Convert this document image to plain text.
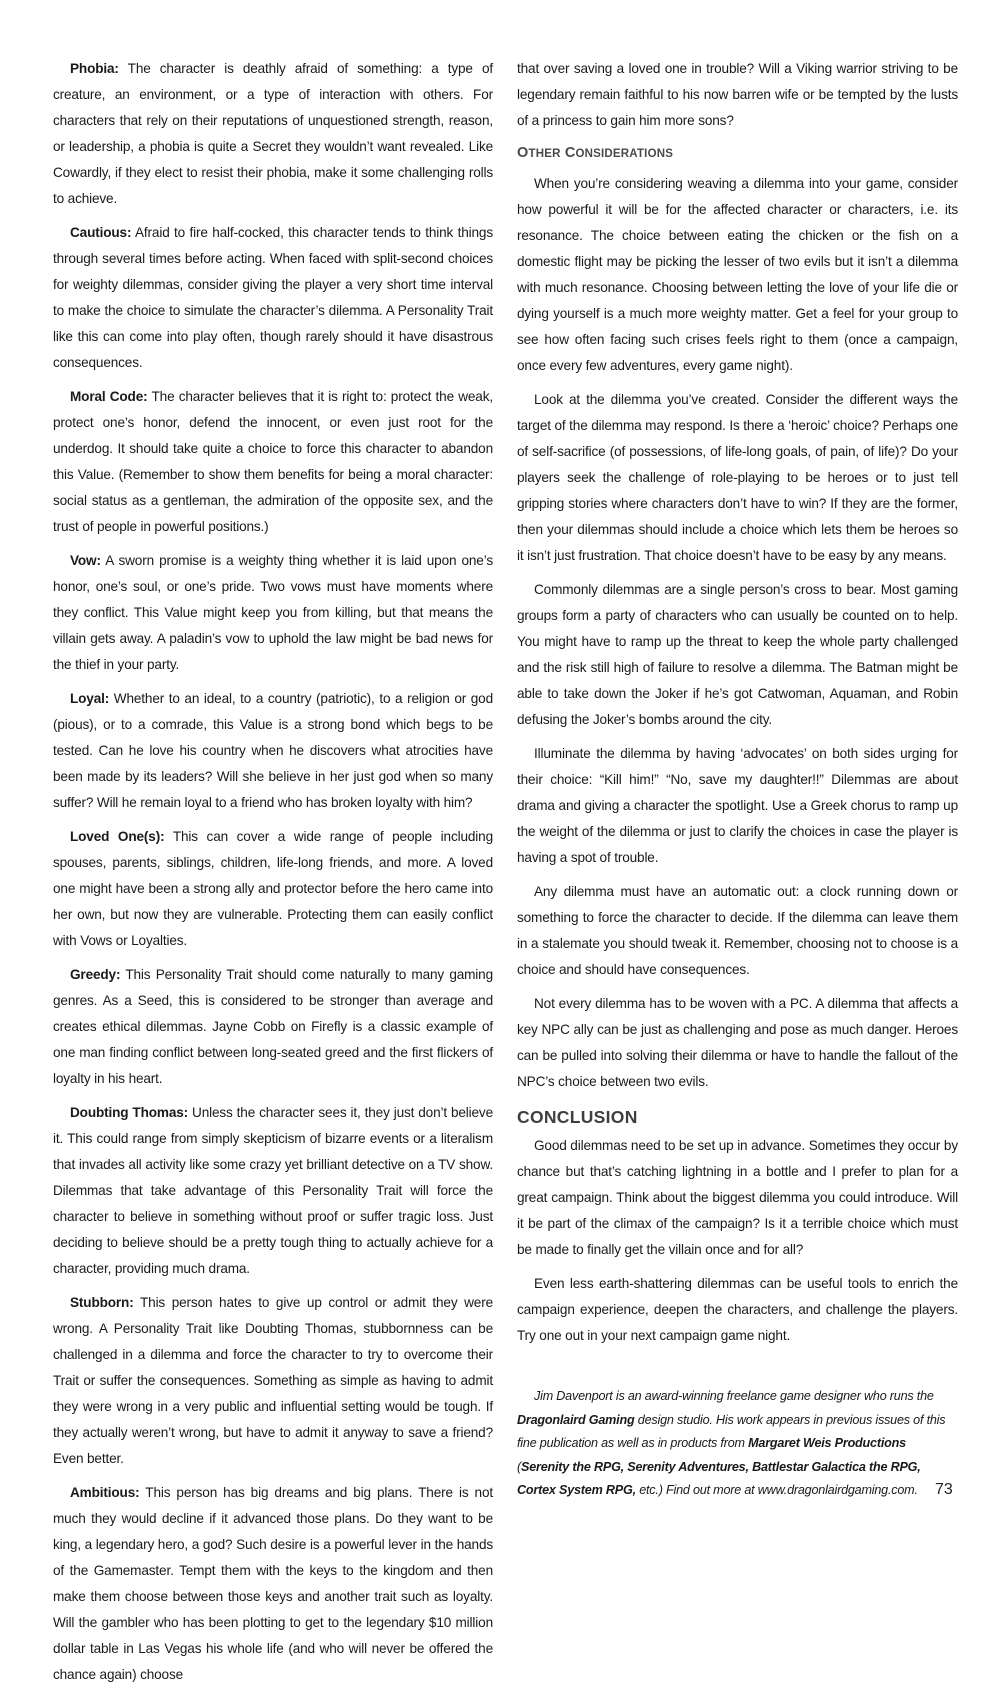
Phobia: The character is deathly afraid of something: a type of creature, an environment, or a type of interaction with others. For characters that rely on their reputations of unquestioned strength, reason, or leadership, a phobia is quite a Secret they wouldn’t want revealed. Like Cowardly, if they elect to resist their phobia, make it some challenging rolls to achieve.

Cautious: Afraid to fire half-cocked, this character tends to think things through several times before acting. When faced with split-second choices for weighty dilemmas, consider giving the player a very short time interval to make the choice to simulate the character’s dilemma. A Personality Trait like this can come into play often, though rarely should it have disastrous consequences.

Moral Code: The character believes that it is right to: protect the weak, protect one’s honor, defend the innocent, or even just root for the underdog. It should take quite a choice to force this character to abandon this Value. (Remember to show them benefits for being a moral character: social status as a gentleman, the admiration of the opposite sex, and the trust of people in powerful positions.)

Vow: A sworn promise is a weighty thing whether it is laid upon one’s honor, one’s soul, or one’s pride. Two vows must have moments where they conflict. This Value might keep you from killing, but that means the villain gets away. A paladin’s vow to uphold the law might be bad news for the thief in your party.

Loyal: Whether to an ideal, to a country (patriotic), to a religion or god (pious), or to a comrade, this Value is a strong bond which begs to be tested. Can he love his country when he discovers what atrocities have been made by its leaders? Will she believe in her just god when so many suffer? Will he remain loyal to a friend who has broken loyalty with him?

Loved One(s): This can cover a wide range of people including spouses, parents, siblings, children, life-long friends, and more. A loved one might have been a strong ally and protector before the hero came into her own, but now they are vulnerable. Protecting them can easily conflict with Vows or Loyalties.

Greedy: This Personality Trait should come naturally to many gaming genres. As a Seed, this is considered to be stronger than average and creates ethical dilemmas. Jayne Cobb on Firefly is a classic example of one man finding conflict between long-seated greed and the first flickers of loyalty in his heart.

Doubting Thomas: Unless the character sees it, they just don’t believe it. This could range from simply skepticism of bizarre events or a literalism that invades all activity like some crazy yet brilliant detective on a TV show. Dilemmas that take advantage of this Personality Trait will force the character to believe in something without proof or suffer tragic loss. Just deciding to believe should be a pretty tough thing to actually achieve for a character, providing much drama.

Stubborn: This person hates to give up control or admit they were wrong. A Personality Trait like Doubting Thomas, stubbornness can be challenged in a dilemma and force the character to try to overcome their Trait or suffer the consequences. Something as simple as having to admit they were wrong in a very public and influential setting would be tough. If they actually weren’t wrong, but have to admit it anyway to save a friend? Even better.

Ambitious: This person has big dreams and big plans. There is not much they would decline if it advanced those plans. Do they want to be king, a legendary hero, a god? Such desire is a powerful lever in the hands of the Gamemaster. Tempt them with the keys to the kingdom and then make them choose between those keys and another trait such as loyalty. Will the gambler who has been plotting to get to the legendary $10 million dollar table in Las Vegas his whole life (and who will never be offered the chance again) choose

that over saving a loved one in trouble? Will a Viking warrior striving to be legendary remain faithful to his now barren wife or be tempted by the lusts of a princess to gain him more sons?

OTHER CONSIDERATIONS

When you’re considering weaving a dilemma into your game, consider how powerful it will be for the affected character or characters, i.e. its resonance. The choice between eating the chicken or the fish on a domestic flight may be picking the lesser of two evils but it isn’t a dilemma with much resonance. Choosing between letting the love of your life die or dying yourself is a much more weighty matter. Get a feel for your group to see how often facing such crises feels right to them (once a campaign, once every few adventures, every game night).

Look at the dilemma you’ve created. Consider the different ways the target of the dilemma may respond. Is there a ‘heroic’ choice? Perhaps one of self-sacrifice (of possessions, of life-long goals, of pain, of life)? Do your players seek the challenge of role-playing to be heroes or to just tell gripping stories where characters don’t have to win? If they are the former, then your dilemmas should include a choice which lets them be heroes so it isn’t just frustration. That choice doesn’t have to be easy by any means.

Commonly dilemmas are a single person’s cross to bear. Most gaming groups form a party of characters who can usually be counted on to help. You might have to ramp up the threat to keep the whole party challenged and the risk still high of failure to resolve a dilemma. The Batman might be able to take down the Joker if he’s got Catwoman, Aquaman, and Robin defusing the Joker’s bombs around the city.

Illuminate the dilemma by having ‘advocates’ on both sides urging for their choice: “Kill him!” “No, save my daughter!!” Dilemmas are about drama and giving a character the spotlight. Use a Greek chorus to ramp up the weight of the dilemma or just to clarify the choices in case the player is having a spot of trouble.

Any dilemma must have an automatic out: a clock running down or something to force the character to decide. If the dilemma can leave them in a stalemate you should tweak it. Remember, choosing not to choose is a choice and should have consequences.

Not every dilemma has to be woven with a PC. A dilemma that affects a key NPC ally can be just as challenging and pose as much danger. Heroes can be pulled into solving their dilemma or have to handle the fallout of the NPC’s choice between two evils.

CONCLUSION

Good dilemmas need to be set up in advance. Sometimes they occur by chance but that’s catching lightning in a bottle and I prefer to plan for a great campaign. Think about the biggest dilemma you could introduce. Will it be part of the climax of the campaign? Is it a terrible choice which must be made to finally get the villain once and for all?

Even less earth-shattering dilemmas can be useful tools to enrich the campaign experience, deepen the characters, and challenge the players. Try one out in your next campaign game night.

Jim Davenport is an award-winning freelance game designer who runs the Dragonlaird Gaming design studio. His work appears in previous issues of this fine publication as well as in products from Margaret Weis Productions (Serenity the RPG, Serenity Adventures, Battlestar Galactica the RPG, Cortex System RPG, etc.) Find out more at www.dragonlairdgaming.com.	73
